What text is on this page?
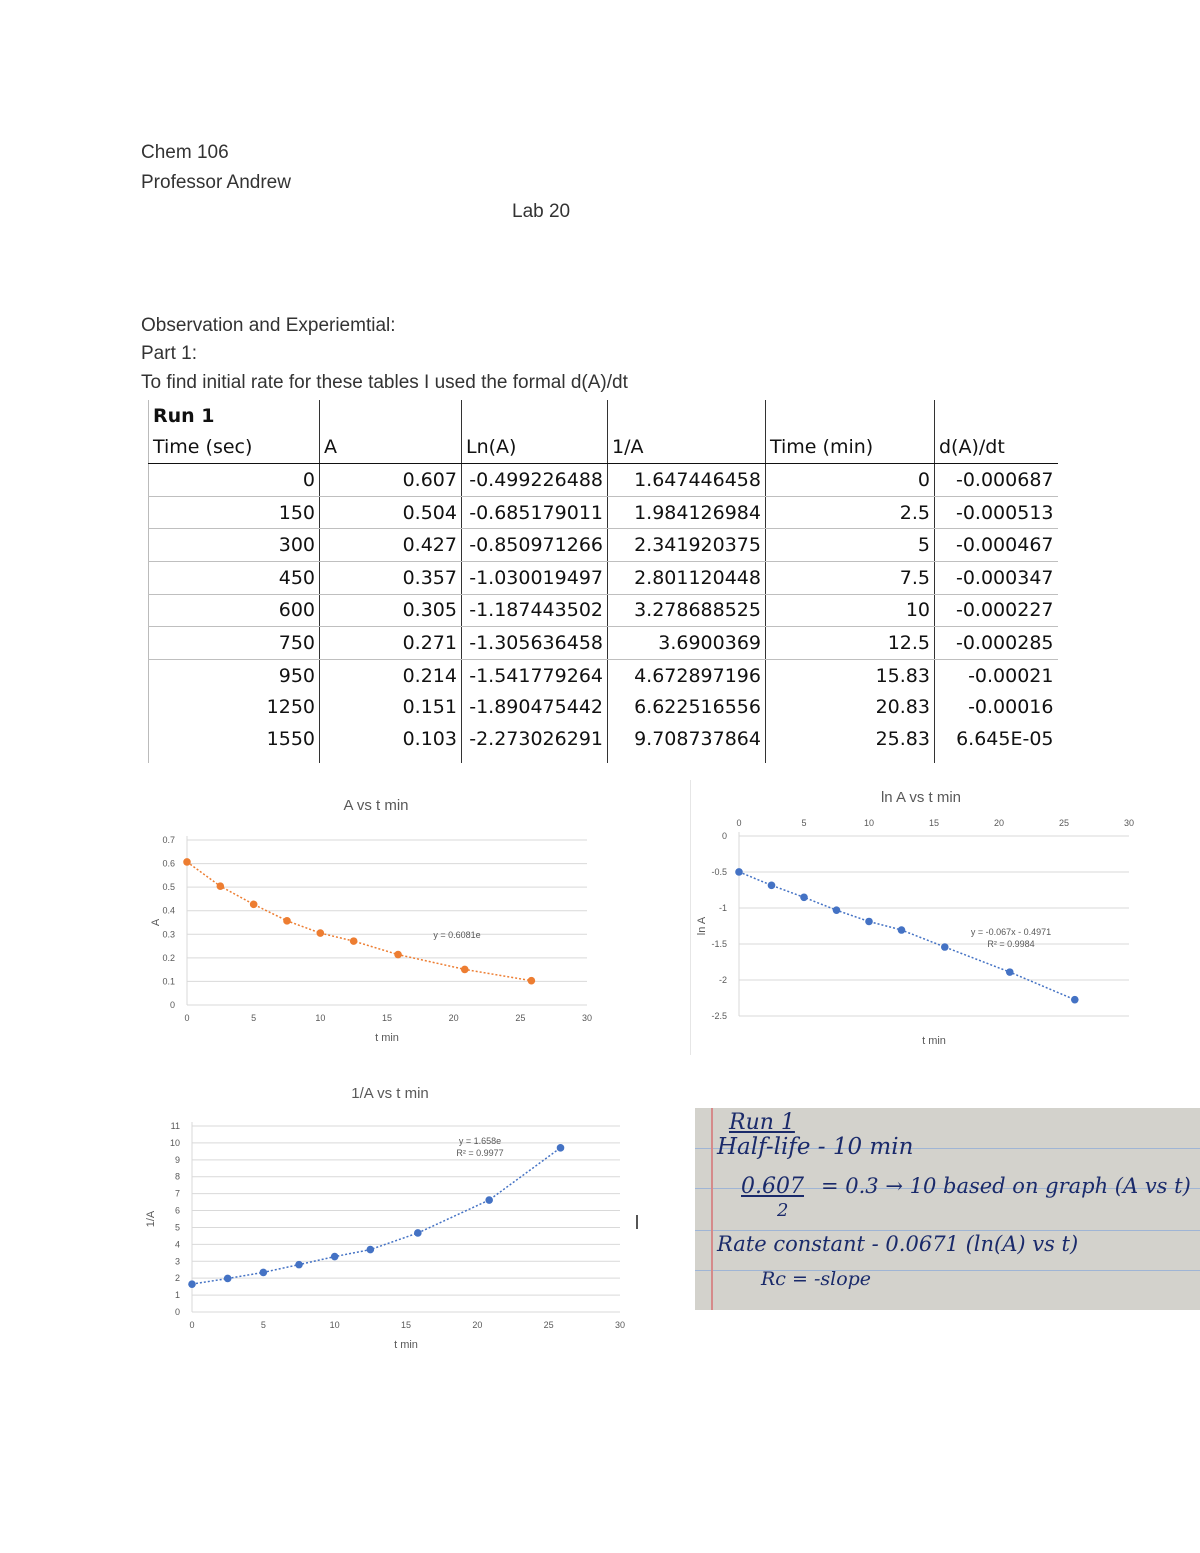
Chem 106
Professor Andrew
Lab 20
Observation and Experiemtial:
Part 1:
To find initial rate for these tables I used the formal d(A)/dt
Run 1					
Time (sec)	A	Ln(A)	1/A	Time (min)	d(A)/dt
0	0.607	-0.499226488	1.647446458	0	-0.000687
150	0.504	-0.685179011	1.984126984	2.5	-0.000513
300	0.427	-0.850971266	2.341920375	5	-0.000467
450	0.357	-1.030019497	2.801120448	7.5	-0.000347
600	0.305	-1.187443502	3.278688525	10	-0.000227
750	0.271	-1.305636458	3.6900369	12.5	-0.000285
950	0.214	-1.541779264	4.672897196	15.83	-0.00021
1250	0.151	-1.890475442	6.622516556	20.83	-0.00016
1550	0.103	-2.273026291	9.708737864	25.83	6.645E-05

A vs t min
0
0.1
0.2
0.3
0.4
0.5
0.6
0.7
0	5	10	15	20	25	30
t min
A
y = 0.6081e
ln A vs t min
0
-0.5
-1
-1.5
-2
-2.5
0	5	10	15	20	25	30
t min
ln A	y = -0.067x - 0.4971
R² = 0.9984
1/A vs t min
0
1
2
3
4
5
6
7
8
9
10
11
0	5	10	15	20	25	30
t min
1/A
y = 1.658e
R² = 0.9977
Run 1
Half-life - 10 min
0.607
2
= 0.3 → 10 based on graph (A vs t)
Rate constant - 0.0671 (ln(A) vs t)
Rc = -slope
